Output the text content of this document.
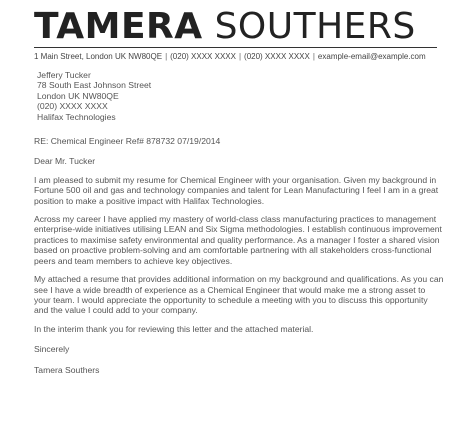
TAMERA SOUTHERS
1 Main Street, London UK NW80QE | (020) XXXX XXXX | (020) XXXX XXXX | example-email@example.com
Jeffery Tucker
78 South East Johnson Street
London UK NW80QE
(020) XXXX XXXX
Halifax Technologies
RE: Chemical Engineer Ref# 878732 07/19/2014
Dear Mr. Tucker
I am pleased to submit my resume for Chemical Engineer with your organisation. Given my background in Fortune 500 oil and gas and technology companies and talent for Lean Manufacturing I feel I am in a great position to make a positive impact with Halifax Technologies.
Across my career I have applied my mastery of world-class class manufacturing practices to management enterprise-wide initiatives utilising LEAN and Six Sigma methodologies. I establish continuous improvement practices to maximise safety environmental and quality performance. As a manager I foster a shared vision based on proactive problem-solving and am comfortable partnering with all stakeholders cross-functional peers and team members to achieve key objectives.
My attached a resume that provides additional information on my background and qualifications. As you can see I have a wide breadth of experience as a Chemical Engineer that would make me a strong asset to your team. I would appreciate the opportunity to schedule a meeting with you to discuss this opportunity and the value I could add to your company.
In the interim thank you for reviewing this letter and the attached material.
Sincerely
Tamera Southers
